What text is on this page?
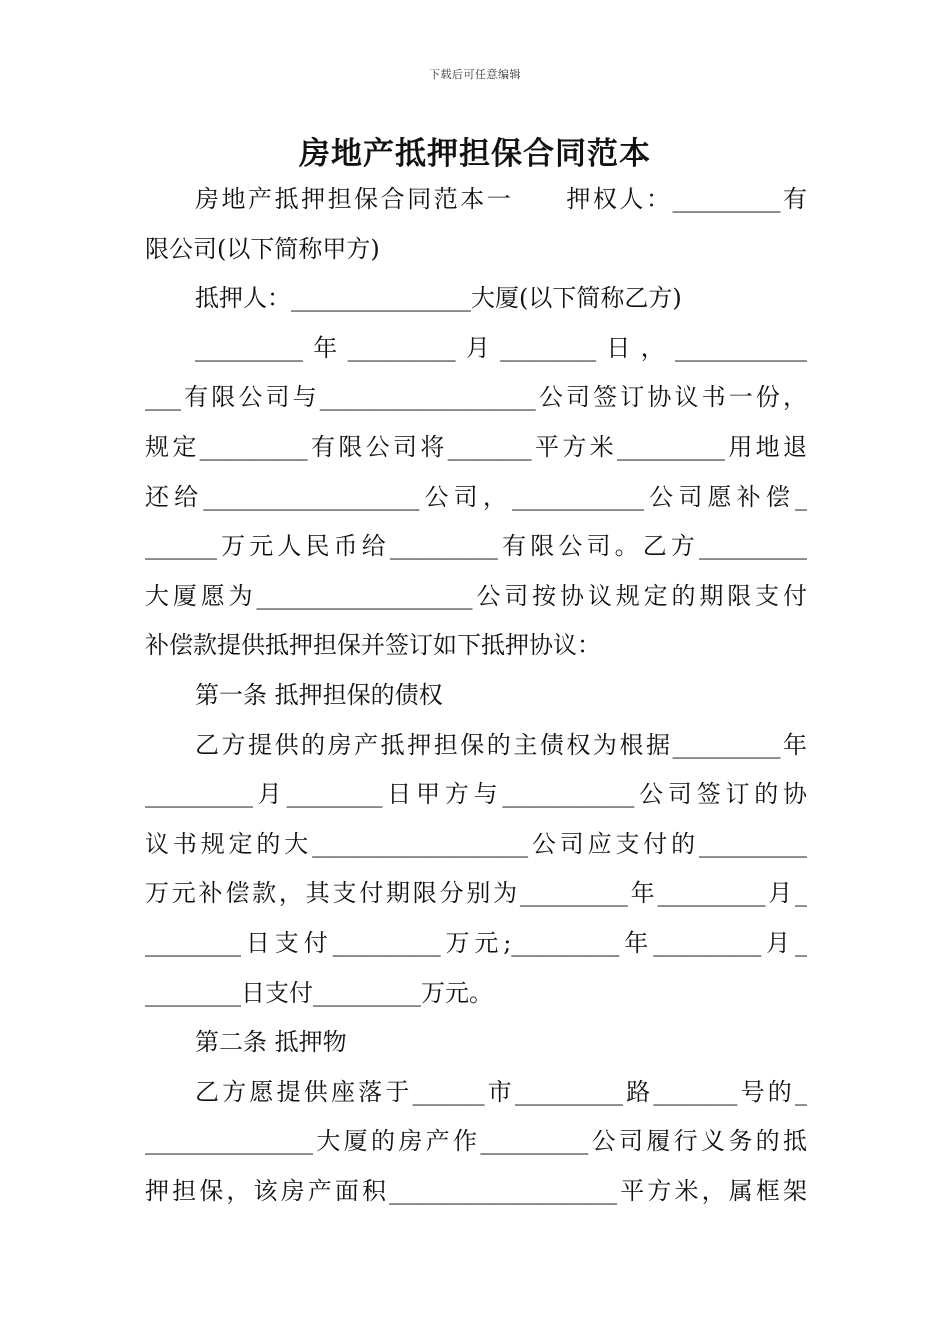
下载后可任意编辑
房地产抵押担保合同范本
房地产抵押担保合同范本一　　押权人：_________有
限公司(以下简称甲方)
抵押人：_______________大厦(以下简称乙方)
_________年_________月________日，___________
___有限公司与__________________公司签订协议书一份，
规定_________有限公司将_______平方米_________用地退
还给__________________公司，___________公司愿补偿_
______万元人民币给_________有限公司。乙方_________
大厦愿为__________________公司按协议规定的期限支付
补偿款提供抵押担保并签订如下抵押协议：
第一条 抵押担保的债权
乙方提供的房产抵押担保的主债权为根据_________年
_________月________日甲方与___________公司签订的协
议书规定的大__________________公司应支付的_________
万元补偿款，其支付期限分别为_________年_________月_
________日支付_________万元;_________年_________月_
________日支付_________万元。
第二条 抵押物
乙方愿提供座落于______市_________路_______号的_
______________大厦的房产作_________公司履行义务的抵
押担保，该房产面积___________________平方米，属框架
